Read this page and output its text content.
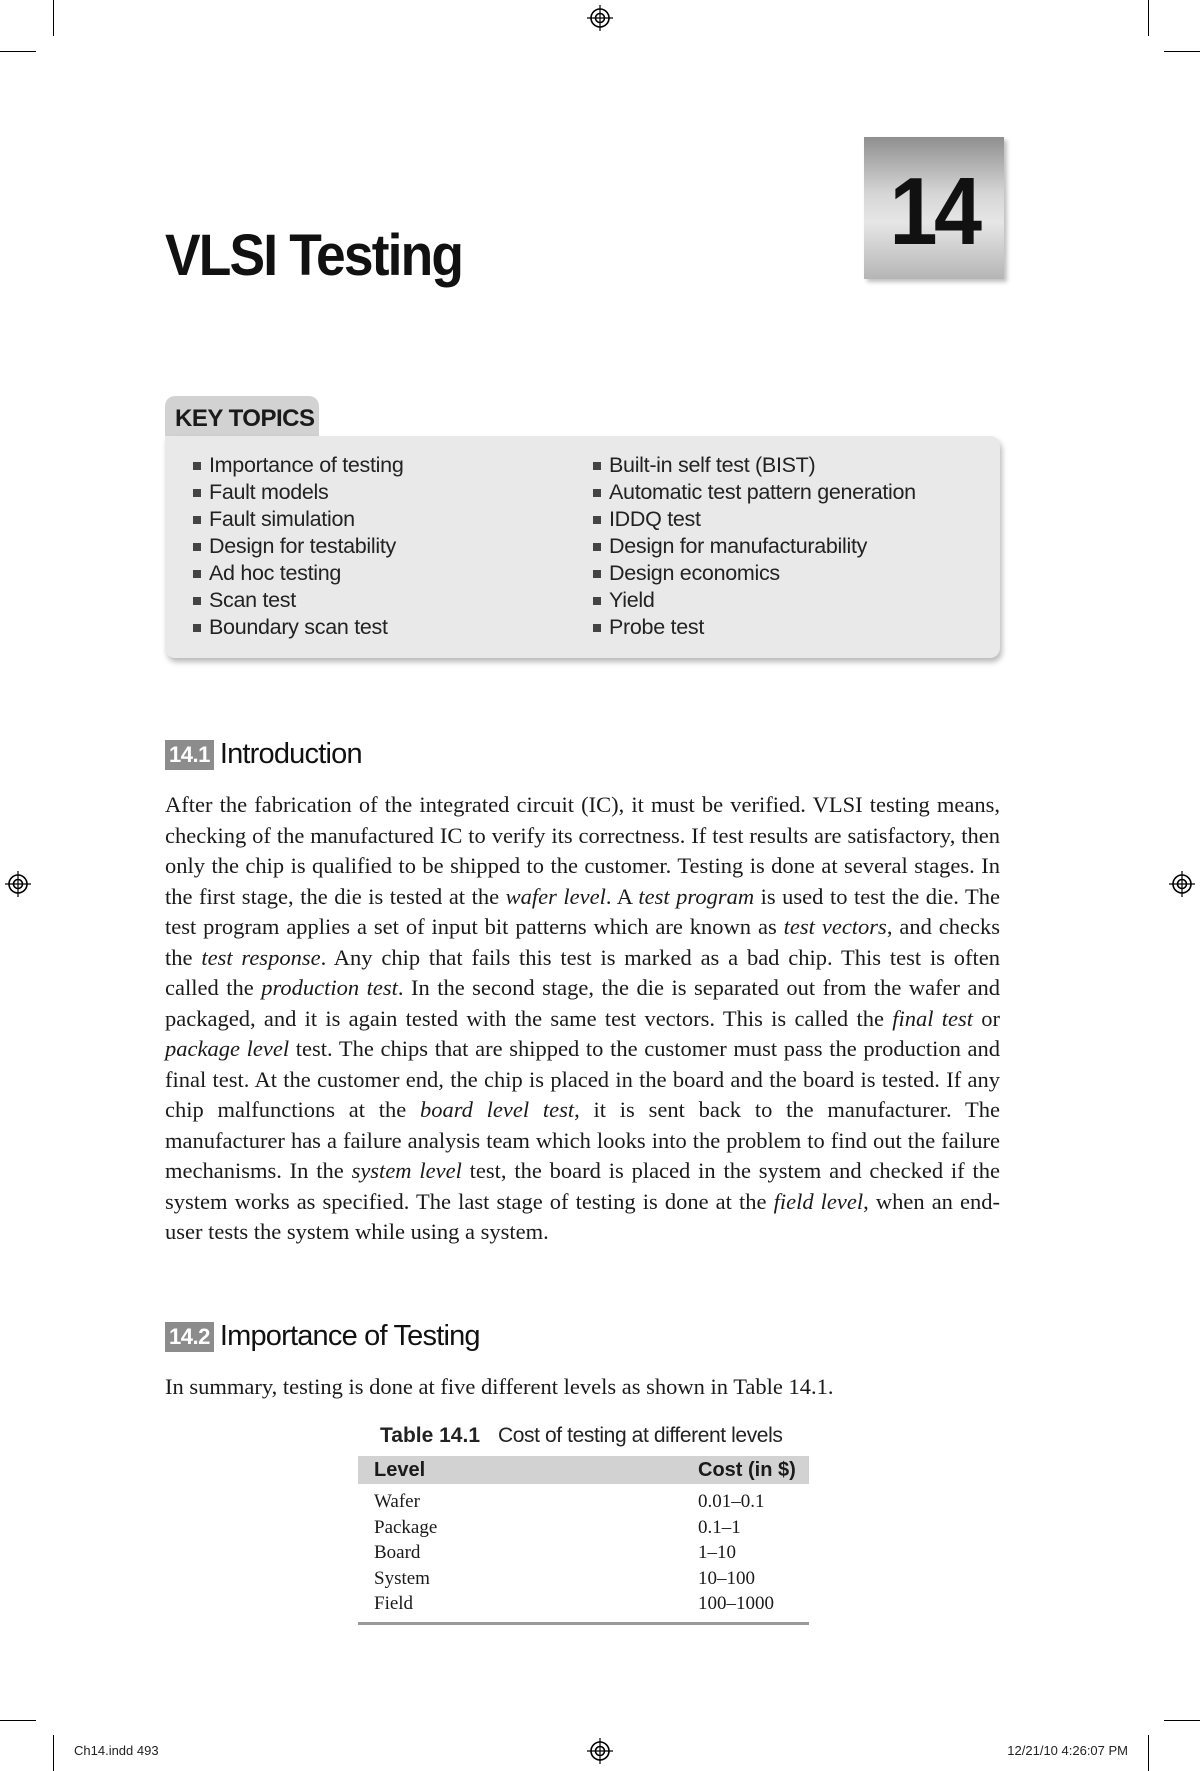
VLSI Testing	14
KEY TOPICS
Importance of testing
Fault models
Fault simulation
Design for testability
Ad hoc testing
Scan test
Boundary scan test
Built-in self test (BIST)
Automatic test pattern generation
IDDQ test
Design for manufacturability
Design economics
Yield
Probe test
14.1 Introduction

After the fabrication of the integrated circuit (IC), it must be verified. VLSI testing means, checking of the manufactured IC to verify its correctness. If test results are satisfactory, then only the chip is qualified to be shipped to the customer. Testing is done at several stages. In the first stage, the die is tested at the wafer level. A test program is used to test the die. The test program applies a set of input bit patterns which are known as test vectors, and checks the test response. Any chip that fails this test is marked as a bad chip. This test is often called the production test. In the second stage, the die is separated out from the wafer and packaged, and it is again tested with the same test vectors. This is called the final test or package level test. The chips that are shipped to the customer must pass the production and final test. At the customer end, the chip is placed in the board and the board is tested. If any chip malfunctions at the board level test, it is sent back to the manufacturer. The manufacturer has a failure analysis team which looks into the problem to find out the failure mechanisms. In the system level test, the board is placed in the system and checked if the system works as specified. The last stage of testing is done at the field level, when an end-user tests the system while using a system.

14.2 Importance of Testing

In summary, testing is done at five different levels as shown in Table 14.1.

Table 14.1 Cost of testing at different levels
Level	Cost (in $)
Wafer	0.01–0.1
Package	0.1–1
Board	1–10
System	10–100
Field	100–1000
Ch14.indd 493	12/21/10 4:26:07 PM
